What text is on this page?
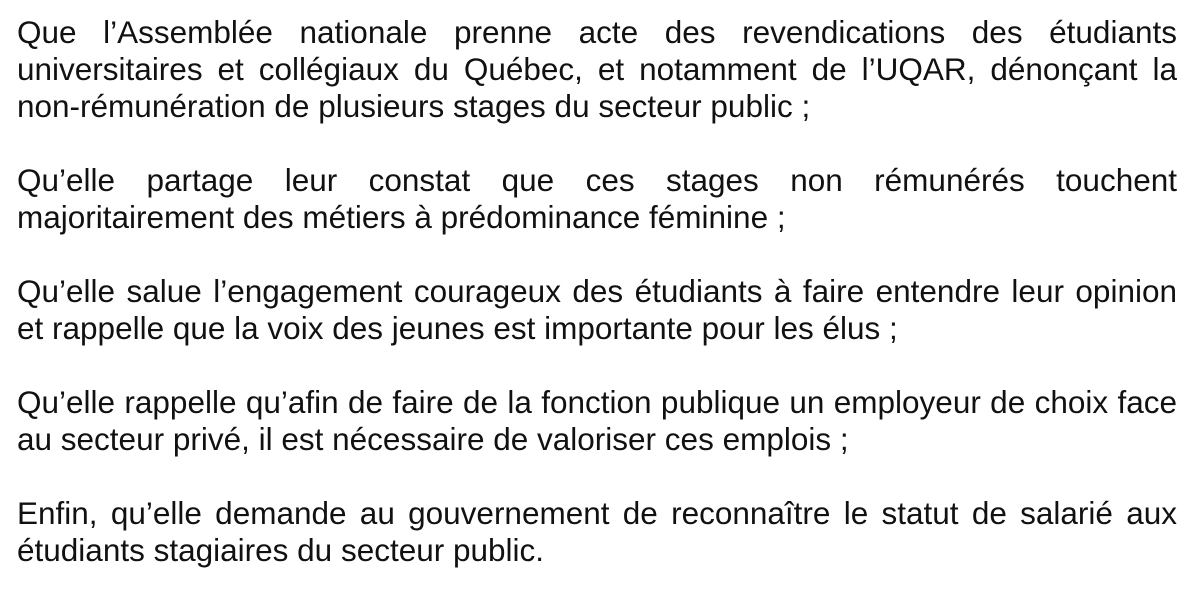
Que l’Assemblée nationale prenne acte des revendications des étudiants
universitaires et collégiaux du Québec, et notamment de l’UQAR, dénonçant la
non-rémunération de plusieurs stages du secteur public ;

Qu’elle partage leur constat que ces stages non rémunérés touchent
majoritairement des métiers à prédominance féminine ;

Qu’elle salue l’engagement courageux des étudiants à faire entendre leur opinion
et rappelle que la voix des jeunes est importante pour les élus ;

Qu’elle rappelle qu’afin de faire de la fonction publique un employeur de choix face
au secteur privé, il est nécessaire de valoriser ces emplois ;

Enfin, qu’elle demande au gouvernement de reconnaître le statut de salarié aux
étudiants stagiaires du secteur public.
